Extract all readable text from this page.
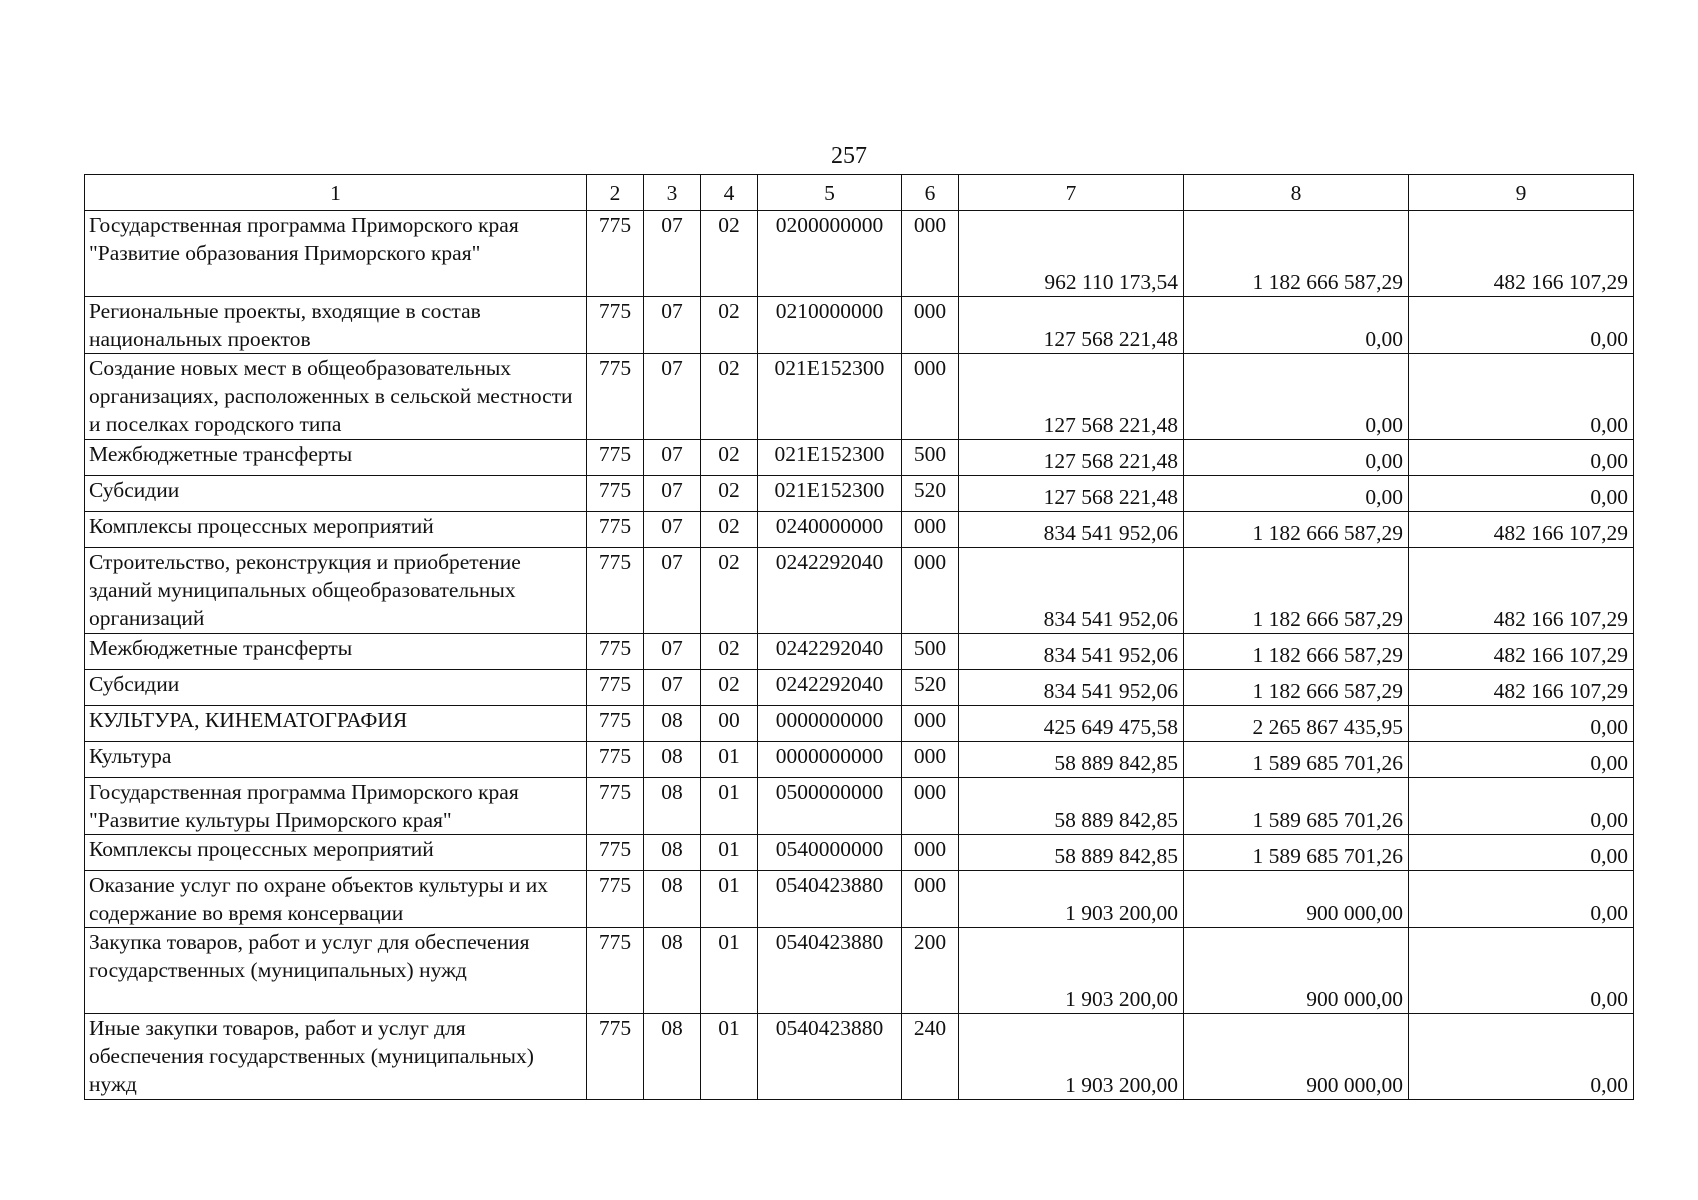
257
1	2	3	4	5	6	7	8	9
Государственная программа Приморского края "Развитие образования Приморского края"	775	07	02	0200000000	000	962 110 173,54	1 182 666 587,29	482 166 107,29
Региональные проекты, входящие в состав национальных проектов	775	07	02	0210000000	000	127 568 221,48	0,00	0,00
Создание новых мест в общеобразовательных организациях, расположенных в сельской местности и поселках городского типа	775	07	02	021E152300	000	127 568 221,48	0,00	0,00
Межбюджетные трансферты	775	07	02	021E152300	500	127 568 221,48	0,00	0,00
Субсидии	775	07	02	021E152300	520	127 568 221,48	0,00	0,00
Комплексы процессных мероприятий	775	07	02	0240000000	000	834 541 952,06	1 182 666 587,29	482 166 107,29
Строительство, реконструкция и приобретение зданий муниципальных общеобразовательных организаций	775	07	02	0242292040	000	834 541 952,06	1 182 666 587,29	482 166 107,29
Межбюджетные трансферты	775	07	02	0242292040	500	834 541 952,06	1 182 666 587,29	482 166 107,29
Субсидии	775	07	02	0242292040	520	834 541 952,06	1 182 666 587,29	482 166 107,29
КУЛЬТУРА, КИНЕМАТОГРАФИЯ	775	08	00	0000000000	000	425 649 475,58	2 265 867 435,95	0,00
Культура	775	08	01	0000000000	000	58 889 842,85	1 589 685 701,26	0,00
Государственная программа Приморского края "Развитие культуры Приморского края"	775	08	01	0500000000	000	58 889 842,85	1 589 685 701,26	0,00
Комплексы процессных мероприятий	775	08	01	0540000000	000	58 889 842,85	1 589 685 701,26	0,00
Оказание услуг по охране объектов культуры и их содержание во время консервации	775	08	01	0540423880	000	1 903 200,00	900 000,00	0,00
Закупка товаров, работ и услуг для обеспечения государственных (муниципальных) нужд	775	08	01	0540423880	200	1 903 200,00	900 000,00	0,00
Иные закупки товаров, работ и услуг для обеспечения государственных (муниципальных) нужд	775	08	01	0540423880	240	1 903 200,00	900 000,00	0,00
